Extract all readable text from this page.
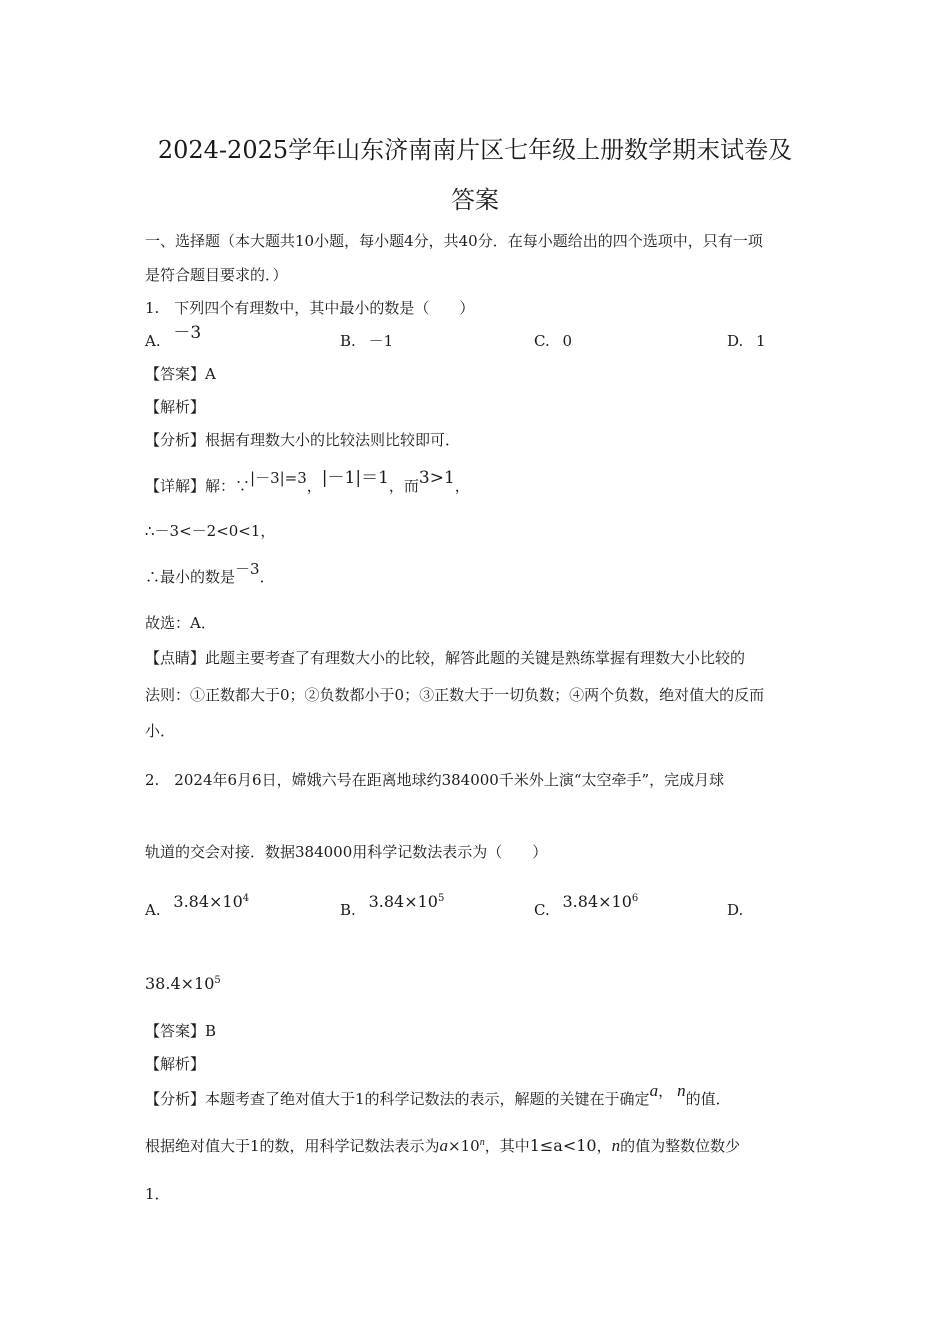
2024-2025学年山东济南南片区七年级上册数学期末试卷及
答案
一、选择题（本大题共10小题，每小题4分，共40分．在每小题给出的四个选项中，只有一项
是符合题目要求的．）
1.　下列四个有理数中，其中最小的数是（　　）
A. －3	B. －1	C. 0	D. 1
【答案】A
【解析】
【分析】根据有理数大小的比较法则比较即可．
【详解】解：∵|－3|=3，|－1|＝1，而3>1，
∴－3<－2<0<1，
∴最小的数是－3．
故选：A．
【点睛】此题主要考查了有理数大小的比较，解答此题的关键是熟练掌握有理数大小比较的
法则：①正数都大于0；②负数都小于0；③正数大于一切负数；④两个负数，绝对值大的反而
小．
2.　2024年6月6日，嫦娥六号在距离地球约384000千米外上演“太空牵手”，完成月球
轨道的交会对接．数据384000用科学记数法表示为（　　）
A. $3.84\times 10^4$
B. $3.84\times 10^5$
C. $3.84\times 10^6$
D.
$38.4\times 10^5$
【答案】B
【解析】
【分析】本题考查了绝对值大于1的科学记数法的表示，解题的关键在于确定a， n的值．
根据绝对值大于1的数，用科学记数法表示为$a\times 10^n$，其中1≤a<10，n的值为整数位数少
1．
